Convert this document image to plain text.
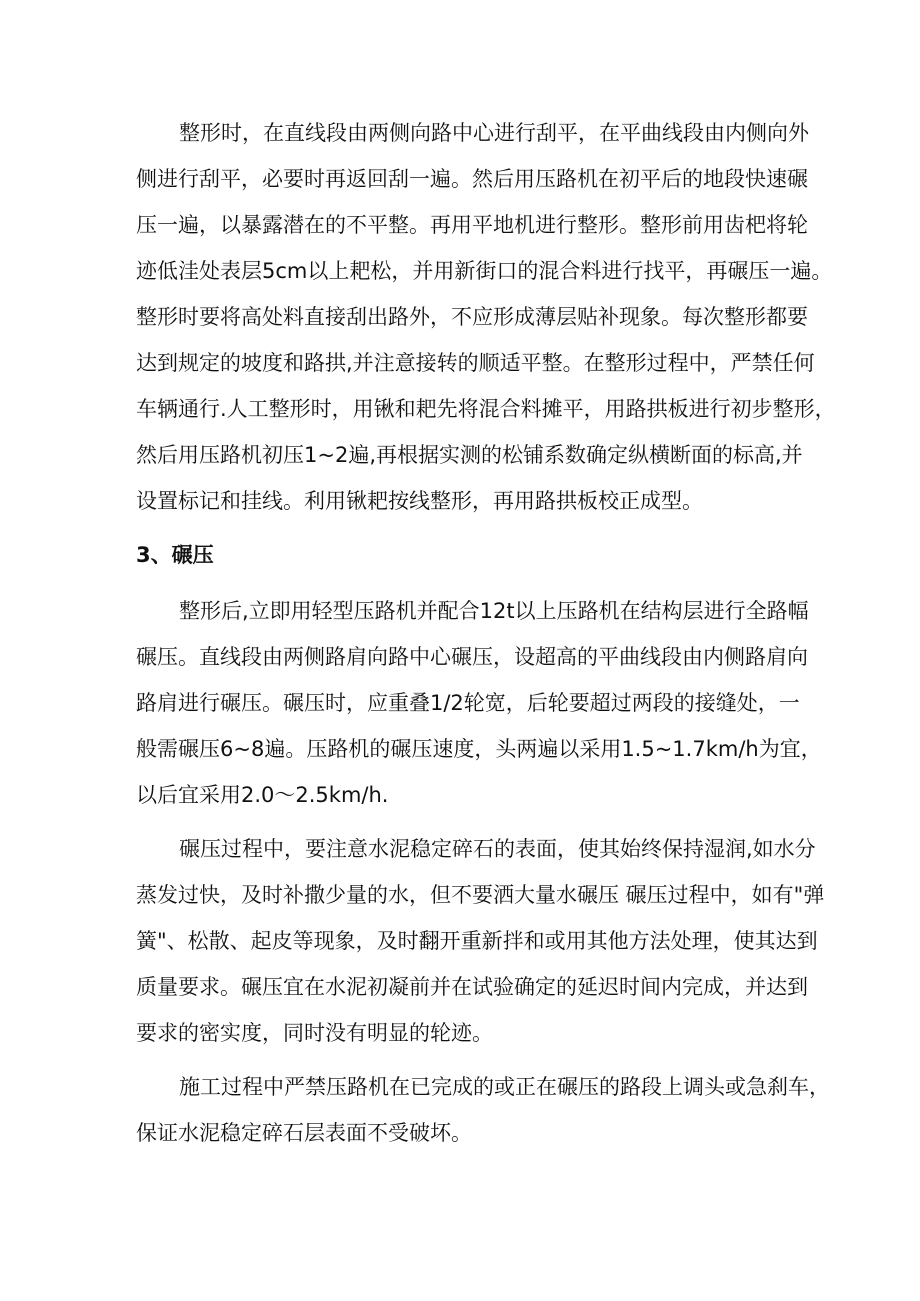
整形时，在直线段由两侧向路中心进行刮平，在平曲线段由内侧向外
侧进行刮平，必要时再返回刮一遍。然后用压路机在初平后的地段快速碾
压一遍，以暴露潜在的不平整。再用平地机进行整形。整形前用齿杷将轮
迹低洼处表层5cm以上耙松，并用新街口的混合料进行找平，再碾压一遍。
整形时要将高处料直接刮出路外，不应形成薄层贴补现象。每次整形都要
达到规定的坡度和路拱,并注意接转的顺适平整。在整形过程中，严禁任何
车辆通行.人工整形时，用锹和耙先将混合料摊平，用路拱板进行初步整形，
然后用压路机初压1~2遍,再根据实测的松铺系数确定纵横断面的标高,并
设置标记和挂线。利用锹耙按线整形，再用路拱板校正成型。
3、碾压
整形后,立即用轻型压路机并配合12t以上压路机在结构层进行全路幅
碾压。直线段由两侧路肩向路中心碾压，设超高的平曲线段由内侧路肩向
路肩进行碾压。碾压时，应重叠1/2轮宽，后轮要超过两段的接缝处，一
般需碾压6~8遍。压路机的碾压速度，头两遍以采用1.5~1.7km/h为宜，
以后宜采用2.0〜2.5km/h.
碾压过程中，要注意水泥稳定碎石的表面，使其始终保持湿润,如水分
蒸发过快，及时补撒少量的水，但不要洒大量水碾压 碾压过程中，如有"弹
簧"、松散、起皮等现象，及时翻开重新拌和或用其他方法处理，使其达到
质量要求。碾压宜在水泥初凝前并在试验确定的延迟时间内完成，并达到
要求的密实度，同时没有明显的轮迹。
施工过程中严禁压路机在已完成的或正在碾压的路段上调头或急刹车，
保证水泥稳定碎石层表面不受破坏。
